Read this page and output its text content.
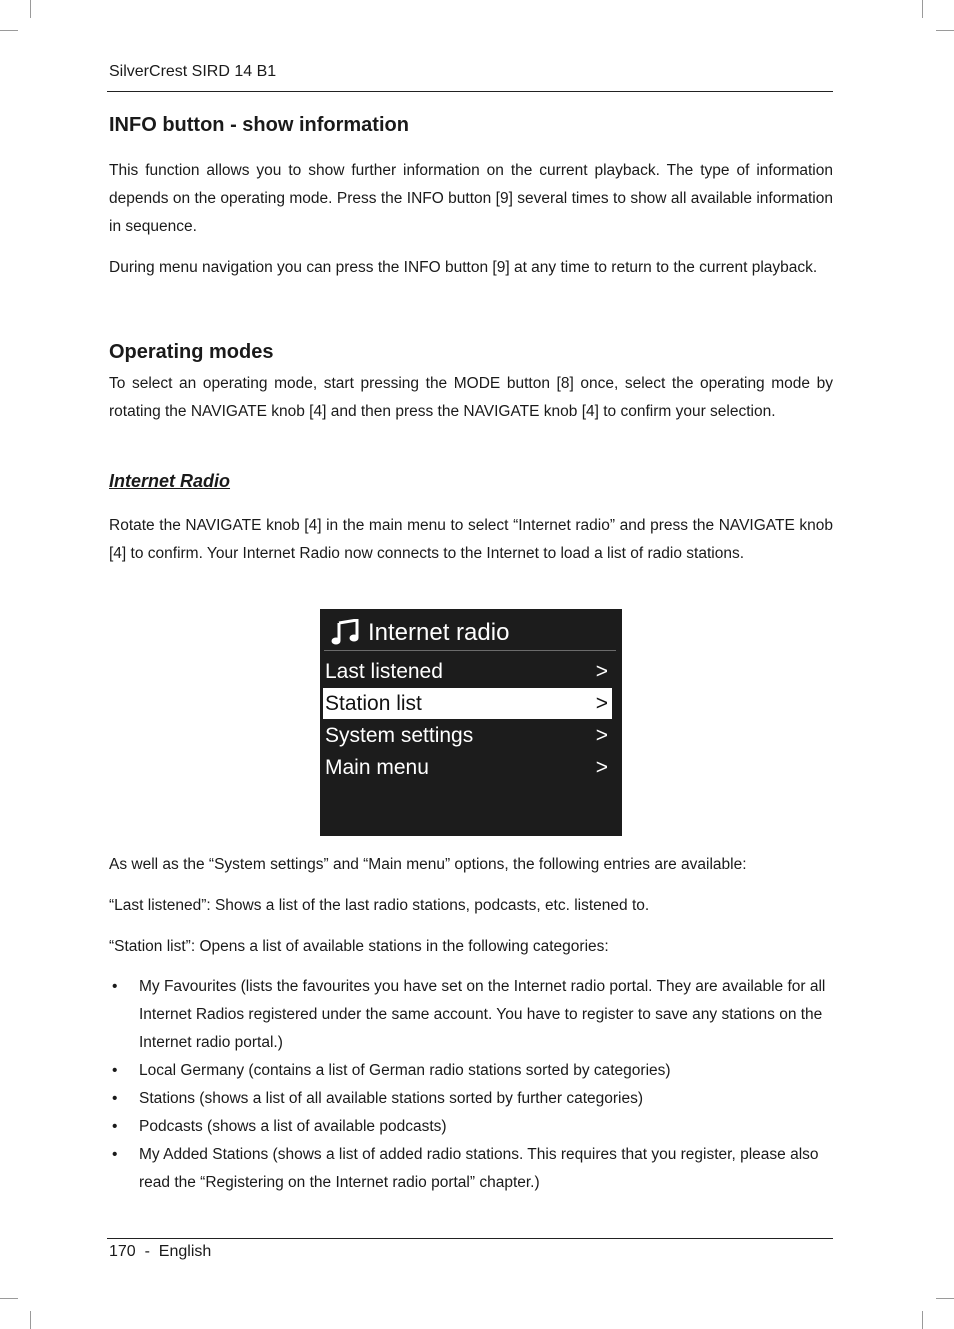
SilverCrest SIRD 14 B1
INFO button - show information

This function allows you to show further information on the current playback. The type of information depends on the operating mode. Press the INFO button [9] several times to show all available information in sequence.

During menu navigation you can press the INFO button [9] at any time to return to the current playback.

Operating modes

To select an operating mode, start pressing the MODE button [8] once, select the operating mode by rotating the NAVIGATE knob [4] and then press the NAVIGATE knob [4] to confirm your selection.

Internet Radio

Rotate the NAVIGATE knob [4] in the main menu to select “Internet radio” and press the NAVIGATE knob [4] to confirm. Your Internet Radio now connects to the Internet to load a list of radio stations.

Internet radio
Last listened	>
Station list	>
System settings	>
Main menu	>

As well as the “System settings” and “Main menu” options, the following entries are available:

“Last listened”: Shows a list of the last radio stations, podcasts, etc. listened to.

“Station list”: Opens a list of available stations in the following categories:

• My Favourites (lists the favourites you have set on the Internet radio portal. They are available for all Internet Radios registered under the same account. You have to register to save any stations on the Internet radio portal.)
• Local Germany (contains a list of German radio stations sorted by categories)
• Stations (shows a list of all available stations sorted by further categories)
• Podcasts (shows a list of available podcasts)
• My Added Stations (shows a list of added radio stations. This requires that you register, please also read the “Registering on the Internet radio portal” chapter.)
170  -  English
